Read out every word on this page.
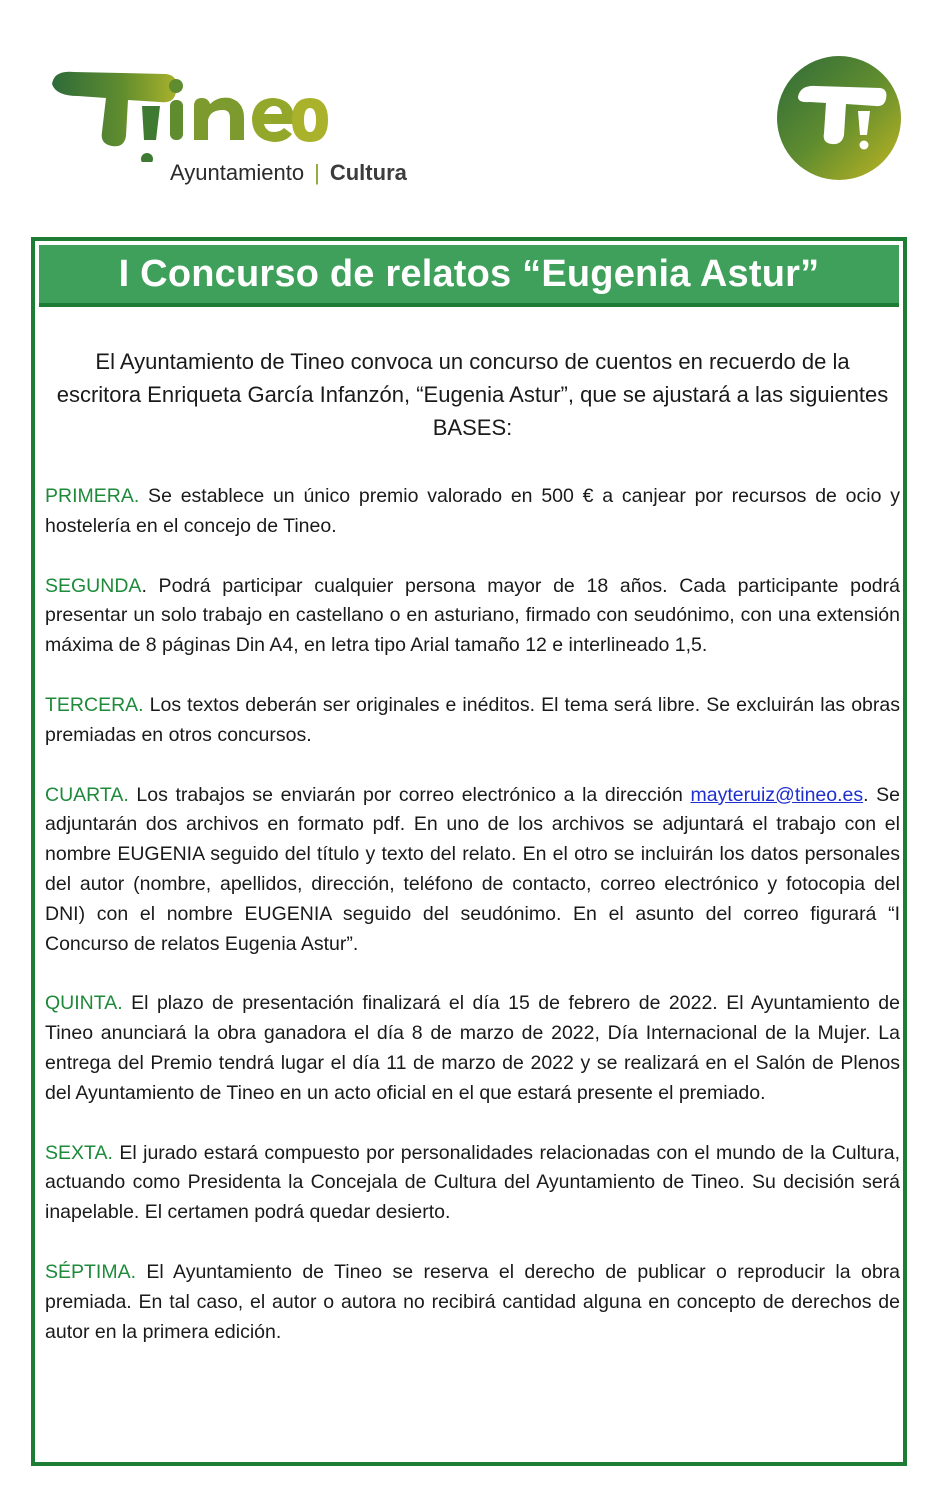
Ayuntamiento | Cultura
I Concurso de relatos “Eugenia Astur”

El Ayuntamiento de Tineo convoca un concurso de cuentos en recuerdo de la escritora Enriqueta García Infanzón, “Eugenia Astur”, que se ajustará a las siguientes BASES:

PRIMERA. Se establece un único premio valorado en 500 € a canjear por recursos de ocio y hostelería en el concejo de Tineo.

SEGUNDA. Podrá participar cualquier persona mayor de 18 años. Cada participante podrá presentar un solo trabajo en castellano o en asturiano, firmado con seudónimo, con una extensión máxima de 8 páginas Din A4, en letra tipo Arial tamaño 12 e interlineado 1,5.

TERCERA. Los textos deberán ser originales e inéditos. El tema será libre. Se excluirán las obras premiadas en otros concursos.

CUARTA. Los trabajos se enviarán por correo electrónico a la dirección mayteruiz@tineo.es. Se adjuntarán dos archivos en formato pdf. En uno de los archivos se adjuntará el trabajo con el nombre EUGENIA seguido del título y texto del relato. En el otro se incluirán los datos personales del autor (nombre, apellidos, dirección, teléfono de contacto, correo electrónico y fotocopia del DNI) con el nombre EUGENIA seguido del seudónimo. En el asunto del correo figurará “I Concurso de relatos Eugenia Astur”.

QUINTA. El plazo de presentación finalizará el día 15 de febrero de 2022. El Ayuntamiento de Tineo anunciará la obra ganadora el día 8 de marzo de 2022, Día Internacional de la Mujer. La entrega del Premio tendrá lugar el día 11 de marzo de 2022 y se realizará en el Salón de Plenos del Ayuntamiento de Tineo en un acto oficial en el que estará presente el premiado.

SEXTA. El jurado estará compuesto por personalidades relacionadas con el mundo de la Cultura, actuando como Presidenta la Concejala de Cultura del Ayuntamiento de Tineo. Su decisión será inapelable. El certamen podrá quedar desierto.

SÉPTIMA. El Ayuntamiento de Tineo se reserva el derecho de publicar o reproducir la obra premiada. En tal caso, el autor o autora no recibirá cantidad alguna en concepto de derechos de autor en la primera edición.
